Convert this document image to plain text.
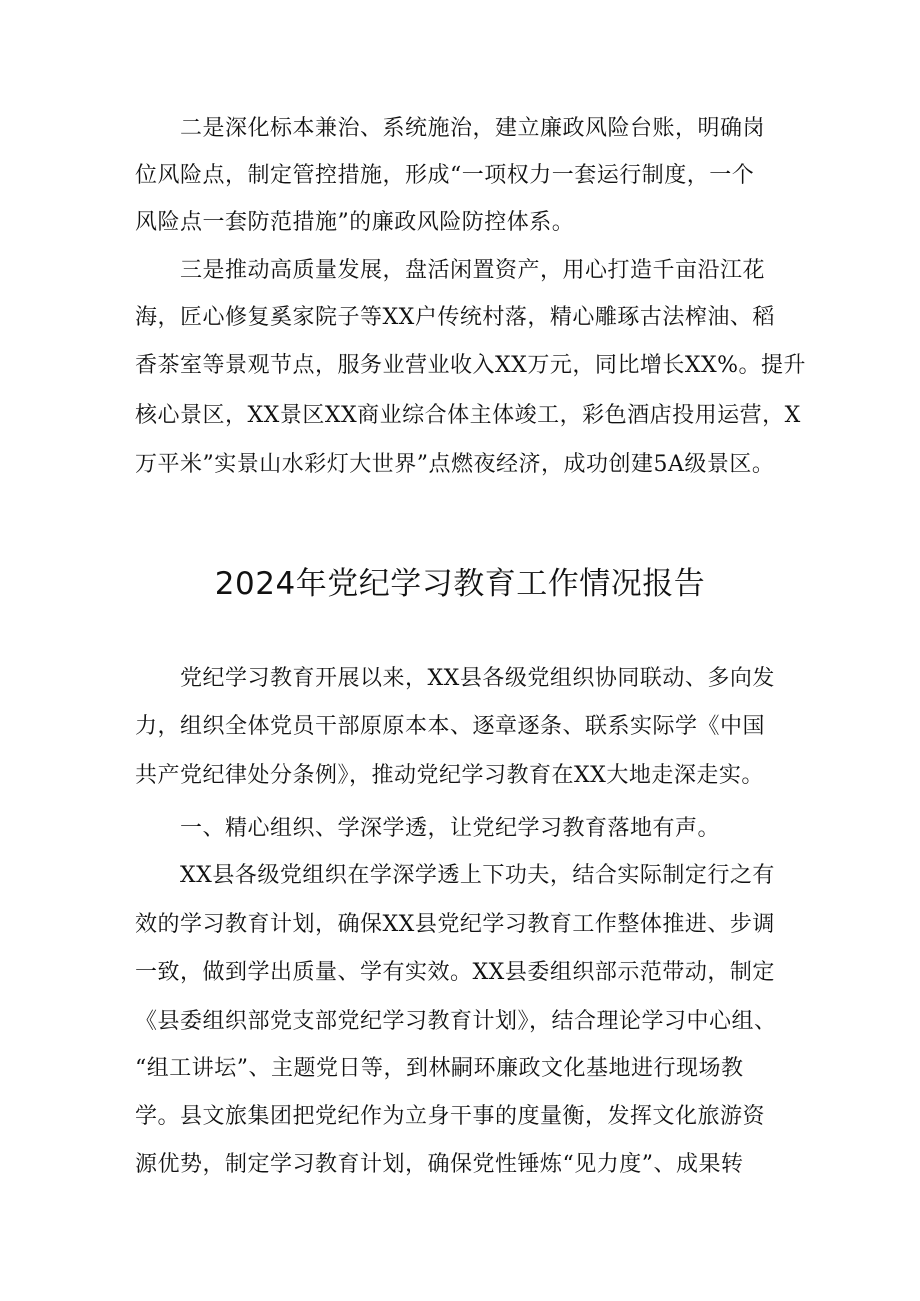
二是深化标本兼治、系统施治，建立廉政风险台账，明确岗
位风险点，制定管控措施，形成“一项权力一套运行制度，一个
风险点一套防范措施”的廉政风险防控体系。
三是推动高质量发展，盘活闲置资产，用心打造千亩沿江花
海，匠心修复奚家院子等XX户传统村落，精心雕琢古法榨油、稻
香茶室等景观节点，服务业营业收入XX万元，同比增长XX%。提升
核心景区，XX景区XX商业综合体主体竣工，彩色酒店投用运营，X
万平米”实景山水彩灯大世界”点燃夜经济，成功创建5A级景区。
2024年党纪学习教育工作情况报告
党纪学习教育开展以来，XX县各级党组织协同联动、多向发
力，组织全体党员干部原原本本、逐章逐条、联系实际学《中国
共产党纪律处分条例》，推动党纪学习教育在XX大地走深走实。
一、精心组织、学深学透，让党纪学习教育落地有声。
XX县各级党组织在学深学透上下功夫，结合实际制定行之有
效的学习教育计划，确保XX县党纪学习教育工作整体推进、步调
一致，做到学出质量、学有实效。XX县委组织部示范带动，制定
《县委组织部党支部党纪学习教育计划》，结合理论学习中心组、
“组工讲坛”、主题党日等，到林嗣环廉政文化基地进行现场教
学。县文旅集团把党纪作为立身干事的度量衡，发挥文化旅游资
源优势，制定学习教育计划，确保党性锤炼“见力度”、成果转
